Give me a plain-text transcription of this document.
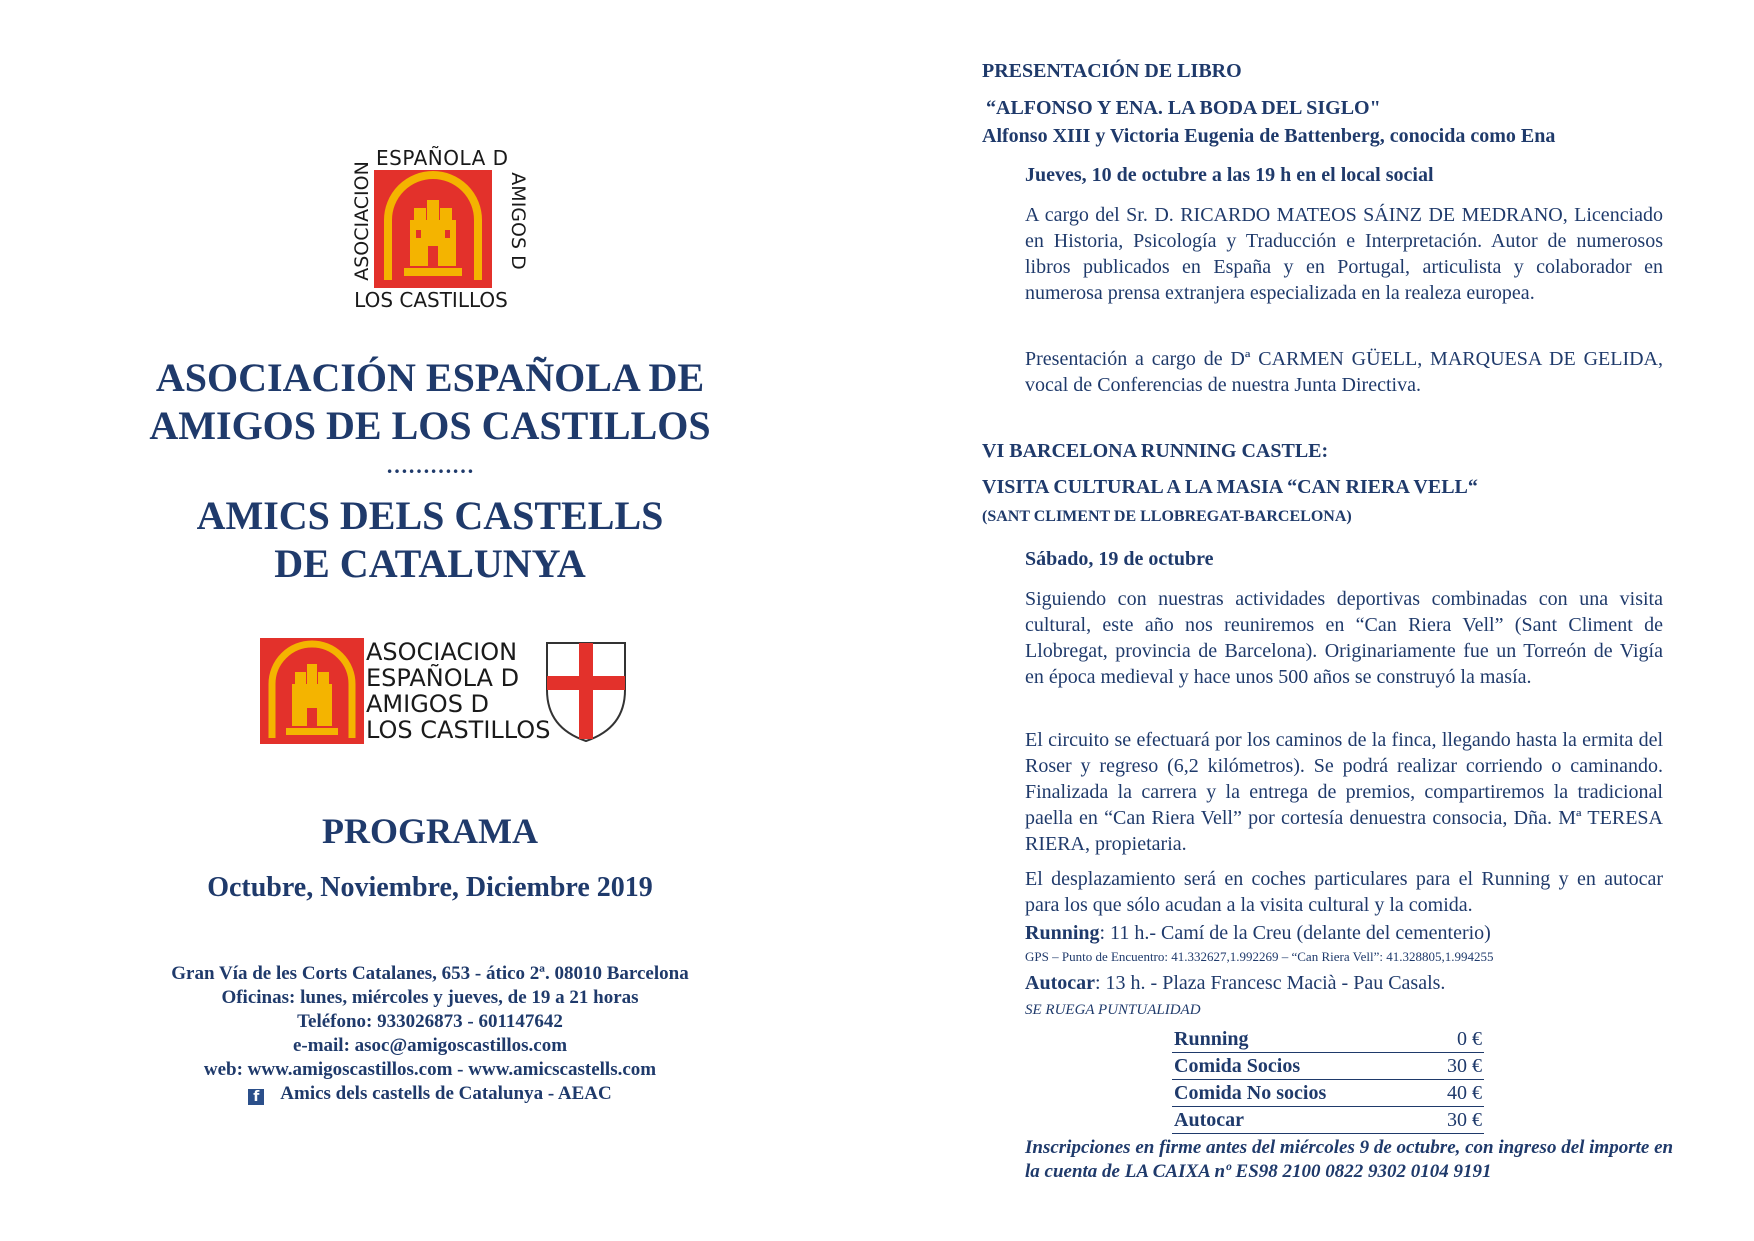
ESPAÑOLA D
ASOCIACION	AMIGOS D
LOS CASTILLOS
ASOCIACIÓN ESPAÑOLA DE
AMIGOS DE LOS CASTILLOS
…………
AMICS DELS CASTELLS
DE CATALUNYA
ASOCIACION
ESPAÑOLA D
AMIGOS D
LOS CASTILLOS
PROGRAMA
Octubre, Noviembre, Diciembre 2019
Gran Vía de les Corts Catalanes, 653 - ático 2ª. 08010 Barcelona
Oficinas: lunes, miércoles y jueves, de 19 a 21 horas
Teléfono: 933026873 - 601147642
e-mail: asoc@amigoscastillos.com
web: www.amigoscastillos.com - www.amicscastells.com
f Amics dels castells de Catalunya - AEAC
PRESENTACIÓN DE LIBRO
“ALFONSO Y ENA. LA BODA DEL SIGLO"
Alfonso XIII y Victoria Eugenia de Battenberg, conocida como Ena
Jueves, 10 de octubre a las 19 h en el local social
A cargo del Sr. D. RICARDO MATEOS SÁINZ DE MEDRANO, Licenciado en Historia, Psicología y Traducción e Interpretación. Autor de numerosos libros publicados en España y en Portugal, articulista y colaborador en numerosa prensa extranjera especializada en la realeza europea.
Presentación a cargo de Dª CARMEN GÜELL, MARQUESA DE GELIDA, vocal de Conferencias de nuestra Junta Directiva.
VI BARCELONA RUNNING CASTLE:
VISITA CULTURAL A LA MASIA “CAN RIERA VELL“
(SANT CLIMENT DE LLOBREGAT-BARCELONA)
Sábado, 19 de octubre
Siguiendo con nuestras actividades deportivas combinadas con una visita cultural, este año nos reuniremos en “Can Riera Vell” (Sant Climent de Llobregat, provincia de Barcelona). Originariamente fue un Torreón de Vigía en época medieval y hace unos 500 años se construyó la masía.
El circuito se efectuará por los caminos de la finca, llegando hasta la ermita del Roser y regreso (6,2 kilómetros). Se podrá realizar corriendo o caminando. Finalizada la carrera y la entrega de premios, compartiremos la tradicional paella en “Can Riera Vell” por cortesía denuestra consocia, Dña. Mª TERESA RIERA, propietaria.
El desplazamiento será en coches particulares para el Running y en autocar para los que sólo acudan a la visita cultural y la comida.
Running: 11 h.- Camí de la Creu (delante del cementerio)
GPS – Punto de Encuentro: 41.332627,1.992269 – “Can Riera Vell”: 41.328805,1.994255
Autocar: 13 h. - Plaza Francesc Macià - Pau Casals.
SE RUEGA PUNTUALIDAD
Running	0 €
Comida Socios	30 €
Comida No socios	40 €
Autocar	30 €
Inscripciones en firme antes del miércoles 9 de octubre, con ingreso del importe en la cuenta de LA CAIXA nº ES98 2100 0822 9302 0104 9191
